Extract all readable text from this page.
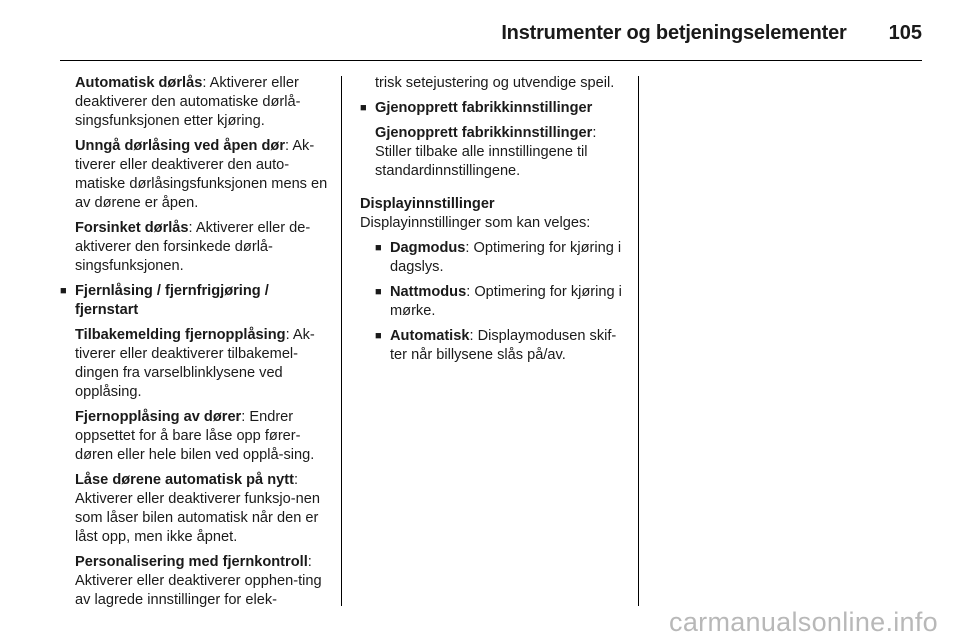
Instrumenter og betjeningselementer 105

Automatisk dørlås: Aktiverer eller deaktiverer den automatiske dørlå-singsfunksjonen etter kjøring.

Unngå dørlåsing ved åpen dør: Ak-tiverer eller deaktiverer den auto-matiske dørlåsingsfunksjonen mens en av dørene er åpen.

Forsinket dørlås: Aktiverer eller de-aktiverer den forsinkede dørlå-singsfunksjonen.

■ Fjernlåsing / fjernfrigjøring / fjernstart

Tilbakemelding fjernopplåsing: Ak-tiverer eller deaktiverer tilbakemel-dingen fra varselblinklysene ved opplåsing.

Fjernopplåsing av dører: Endrer oppsettet for å bare låse opp fører-døren eller hele bilen ved opplå-sing.

Låse dørene automatisk på nytt: Aktiverer eller deaktiverer funksjo-nen som låser bilen automatisk når den er låst opp, men ikke åpnet.

Personalisering med fjernkontroll: Aktiverer eller deaktiverer opphen-ting av lagrede innstillinger for elek-

trisk setejustering og utvendige speil.

■ Gjenopprett fabrikkinnstillinger

Gjenopprett fabrikkinnstillinger: Stiller tilbake alle innstillingene til standardinnstillingene.

Displayinnstillinger

Displayinnstillinger som kan velges:

■ Dagmodus: Optimering for kjøring i dagslys.
■ Nattmodus: Optimering for kjøring i mørke.
■ Automatisk: Displaymodusen skif-ter når billysene slås på/av.
carmanualsonline.info
